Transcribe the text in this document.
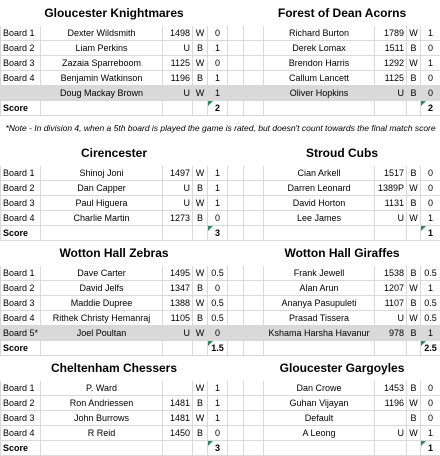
Gloucester Knightmares						Forest of Dean Acorns				
Board 1	Dexter Wildsmith	1498	W	0			Richard Burton	1789	W	1
Board 2	Liam Perkins	U	B	1			Derek Lomax	1511	B	0
Board 3	Zazaia Sparreboom	1125	W	0			Brendon Harris	1292	W	1
Board 4	Benjamin Watkinson	1196	B	1			Callum Lancett	1125	B	0
	Doug Mackay Brown	U	W	1			Oliver Hopkins	U	B	0
Score				2						2
*Note - In division 4, when a 5th board is played the game is rated, but doesn't count towards the final match score										
Cirencester						Stroud Cubs				
Board 1	Shinoj Joni	1497	W	1			Cian Arkell	1517	B	0
Board 2	Dan Capper	U	B	1			Darren Leonard	1389P	W	0
Board 3	Paul Higuera	U	W	1			David Horton	1131	B	0
Board 4	Charlie Martin	1273	B	0			Lee James	U	W	1
Score				3						1
Wotton Hall Zebras						Wotton Hall Giraffes				
Board 1	Dave Carter	1495	W	0.5			Frank Jewell	1538	B	0.5
Board 2	David Jelfs	1347	B	0			Alan Arun	1207	W	1
Board 3	Maddie Dupree	1388	W	0.5			Ananya Pasupuleti	1107	B	0.5
Board 4	Rithek Christy Hemanraj	1105	B	0.5			Prasad Tissera	U	W	0.5
Board 5*	Joel Poultan	U	W	0			Kshama Harsha Havanur	978	B	1
Score				1.5						2.5
Cheltenham Chessers						Gloucester Gargoyles				
Board 1	P. Ward		W	1			Dan Crowe	1453	B	0
Board 2	Ron Andriessen	1481	B	1			Guhan Vijayan	1196	W	0
Board 3	John Burrows	1481	W	1			Default		B	0
Board 4	R Reid	1450	B	0			A Leong	U	W	1
Score				3						1
